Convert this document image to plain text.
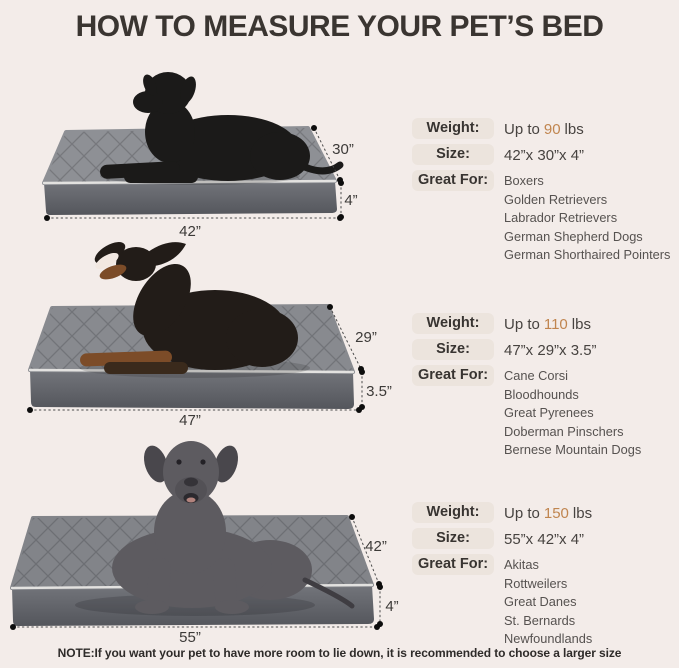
HOW TO MEASURE YOUR PET’S BED
30”
4”
42”
29”
3.5”
47”
42”
4”
55”
Weight:	Up to 90 lbs
Size:	42”x 30”x 4”
Great For:	Boxers
Golden Retrievers
Labrador Retrievers
German Shepherd Dogs
German Shorthaired Pointers
Weight:	Up to 110 lbs
Size:	47”x 29”x 3.5”
Great For:	Cane Corsi
Bloodhounds
Great Pyrenees
Doberman Pinschers
Bernese Mountain Dogs
Weight:	Up to 150 lbs
Size:	55”x 42”x 4”
Great For:	Akitas
Rottweilers
Great Danes
St. Bernards
Newfoundlands
NOTE:If you want your pet to have more room to lie down, it is recommended to choose a larger size
